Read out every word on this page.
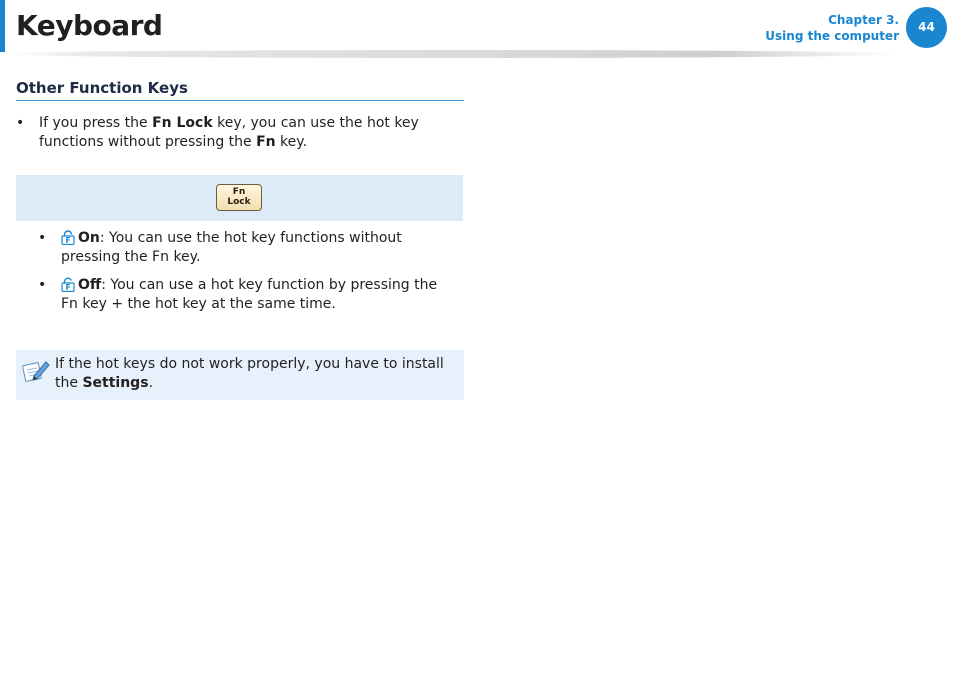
Keyboard	Chapter 3.
Using the computer
44
Other Function Keys
• If you press the Fn Lock key, you can use the hot key functions without pressing the Fn key.
Fn
Lock
•	F On: You can use the hot key functions without pressing the Fn key.
•	F Off: You can use a hot key function by pressing the Fn key + the hot key at the same time.
If the hot keys do not work properly, you have to install the Settings.
